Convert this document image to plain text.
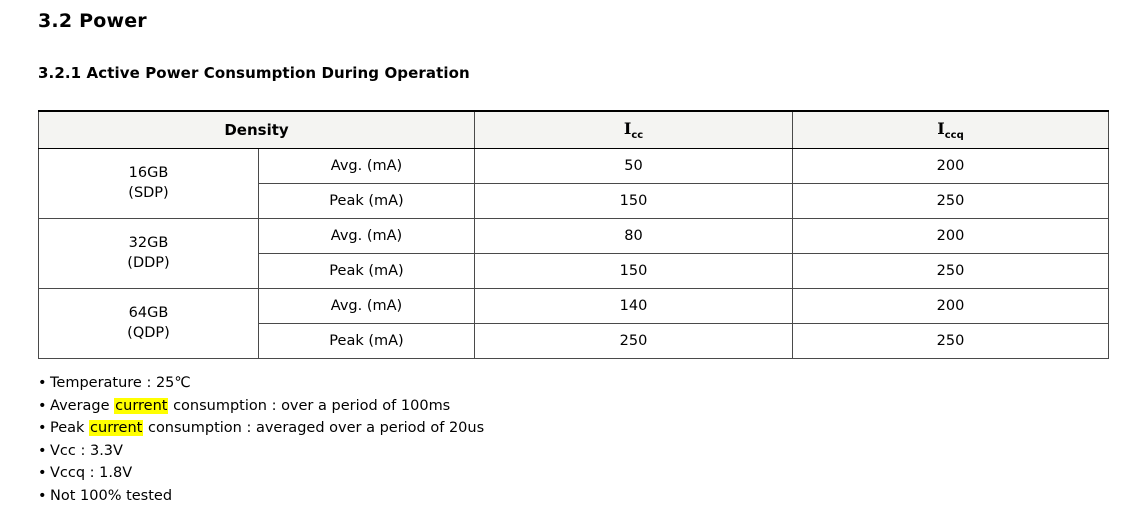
3.2 Power
3.2.1 Active Power Consumption During Operation
Density		$I_{cc}$	$I_{ccq}$
16GB
(SDP)	Avg. (mA)	50	200
	Peak (mA)	150	250
32GB
(DDP)	Avg. (mA)	80	200
	Peak (mA)	150	250
64GB
(QDP)	Avg. (mA)	140	200
	Peak (mA)	250	250
• Temperature : 25℃
• Average current consumption : over a period of 100ms
• Peak current consumption : averaged over a period of 20us
• Vcc : 3.3V
• Vccq : 1.8V
• Not 100% tested
